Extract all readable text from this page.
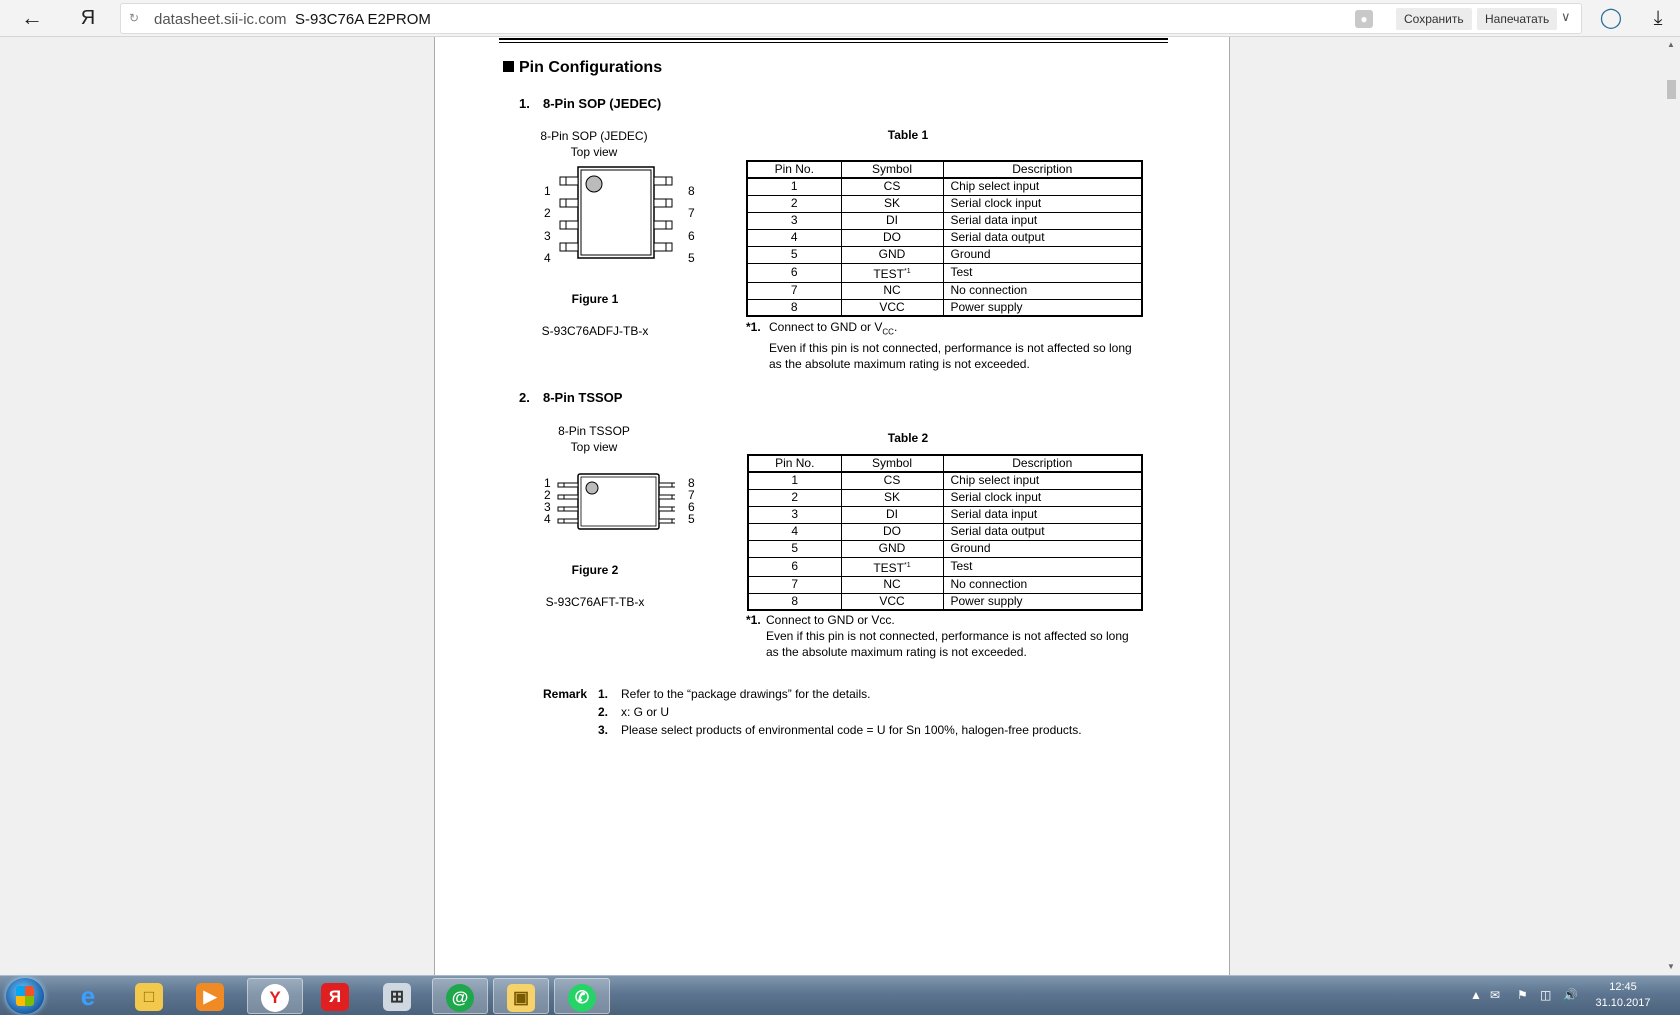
← Я	↻ datasheet.sii-ic.com S-93C76A E2PROM	●	Сохранить	Напечатать ∨ ◯	⤓
Pin Configurations
1. 8-Pin SOP (JEDEC)
8-Pin SOP (JEDEC)
Top view
1
2
3
4
8
7
6
5
Figure 1
S-93C76ADFJ-TB-x
Table 1
Pin No.	Symbol	Description
1	CS	Chip select input
2	SK	Serial clock input
3	DI	Serial data input
4	DO	Serial data output
5	GND	Ground
6	TEST$^{*1}$	Test
7	NC	No connection
8	VCC	Power supply
*1. Connect to GND or $V_{CC}$.
Even if this pin is not connected, performance is not affected so long
as the absolute maximum rating is not exceeded.
2. 8-Pin TSSOP
8-Pin TSSOP
Top view
1
2
3
4
8
7
6
5
Figure 2
S-93C76AFT-TB-x
Table 2
Pin No.	Symbol	Description
1	CS	Chip select input
2	SK	Serial clock input
3	DI	Serial data input
4	DO	Serial data output
5	GND	Ground
6	TEST$^{*1}$	Test
7	NC	No connection
8	VCC	Power supply
*1. Connect to GND or Vcc.
Even if this pin is not connected, performance is not affected so long
as the absolute maximum rating is not exceeded.
Remark 1. Refer to the “package drawings” for the details.
2. x: G or U
3. Please select products of environmental code = U for Sn 100%, halogen-free products.
▲
▼
e	□	▶	Y	Я	⊞	@	▣	✆	▲ ✉ ⚑ ◫ 🔊
12:45
31.10.2017
